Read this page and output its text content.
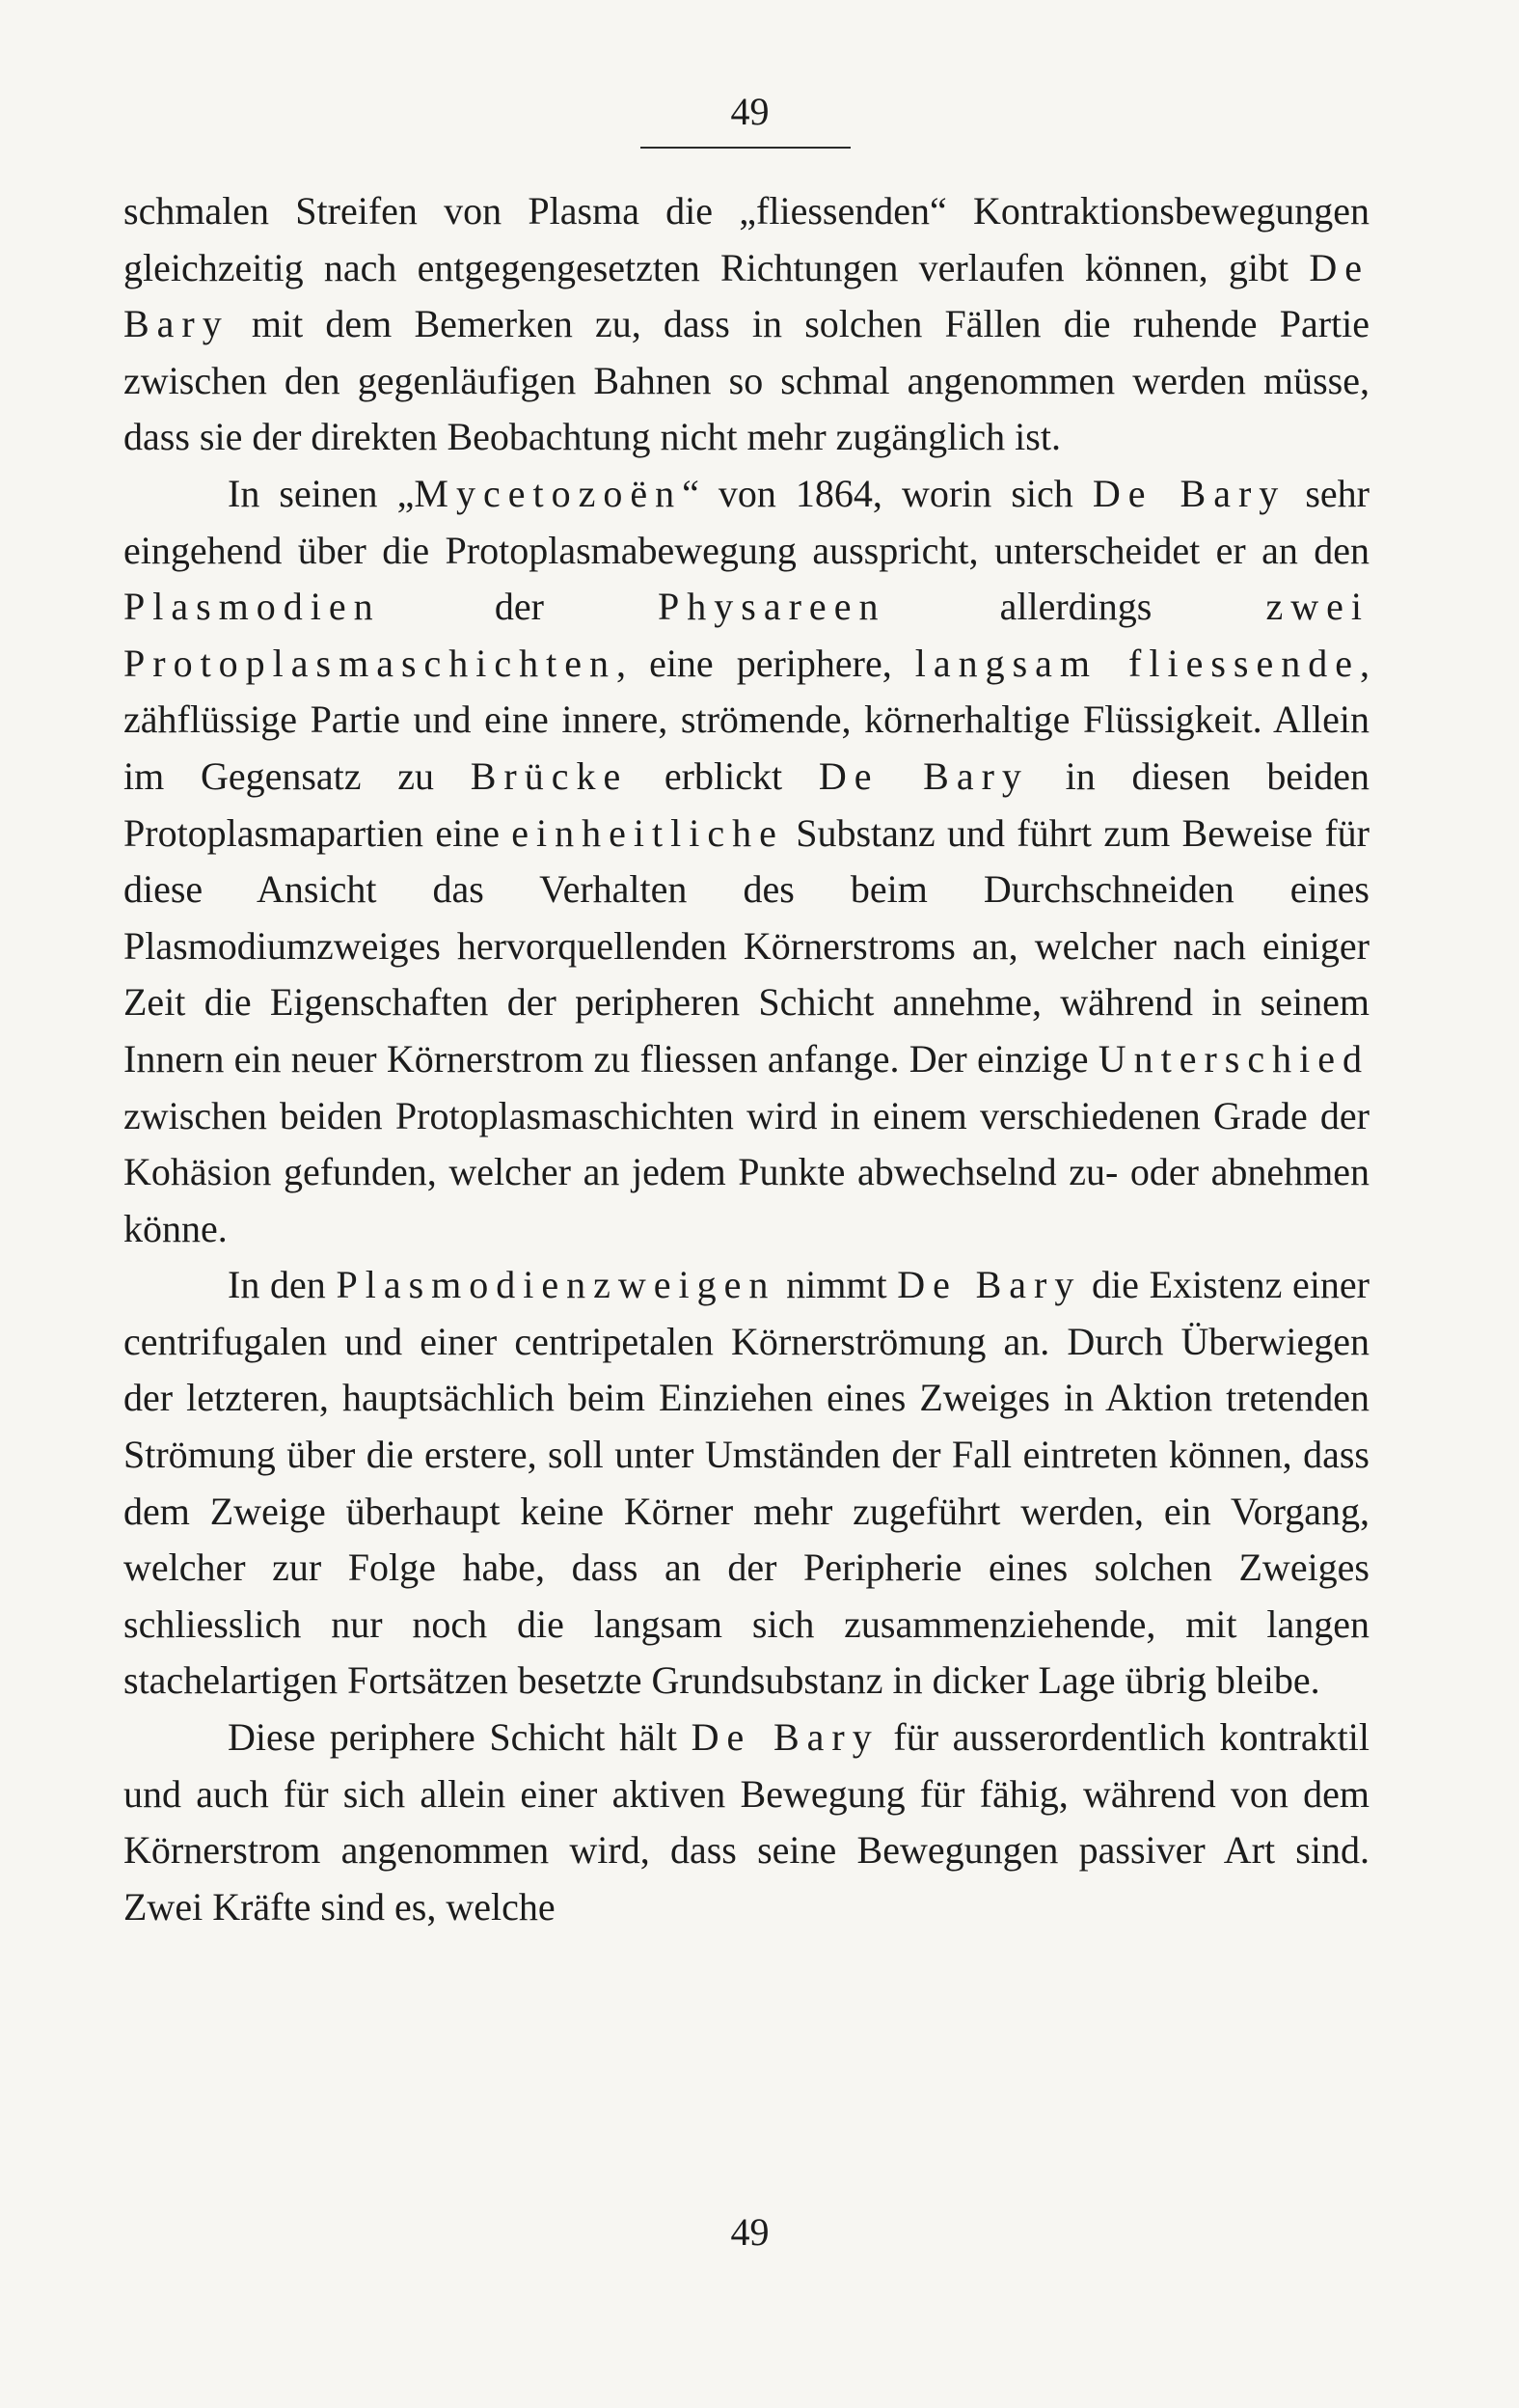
49

schmalen Streifen von Plasma die „fliessenden“ Kontraktionsbewegungen gleichzeitig nach entgegengesetzten Richtungen verlaufen können, gibt De Bary mit dem Bemerken zu, dass in solchen Fällen die ruhende Partie zwischen den gegenläufigen Bahnen so schmal angenommen werden müsse, dass sie der direkten Beobachtung nicht mehr zugänglich ist.

In seinen „Mycetozoën“ von 1864, worin sich De Bary sehr eingehend über die Protoplasmabewegung ausspricht, unterscheidet er an den Plasmodien der Physareen allerdings zwei Protoplasmaschichten, eine peripherе, langsam fliessende, zähflüssige Partie und eine innere, strömende, körnerhaltige Flüssigkeit. Allein im Gegensatz zu Brücke erblickt De Bary in diesen beiden Protoplasmapartien eine einheitliche Substanz und führt zum Beweise für diese Ansicht das Verhalten des beim Durchschneiden eines Plasmodiumzweiges hervorquellenden Körnerstroms an, welcher nach einiger Zeit die Eigenschaften der peripheren Schicht annehme, während in seinem Innern ein neuer Körnerstrom zu fliessen anfange. Der einzige Unterschied zwischen beiden Protoplasmaschichten wird in einem verschiedenen Grade der Kohäsion gefunden, welcher an jedem Punkte abwechselnd zu- oder abnehmen könne.

In den Plasmodienzweigen nimmt De Bary die Existenz einer centrifugalen und einer centripetalen Körnerströmung an. Durch Überwiegen der letzteren, hauptsächlich beim Einziehen eines Zweiges in Aktion tretenden Strömung über die erstere, soll unter Umständen der Fall eintreten können, dass dem Zweige überhaupt keine Körner mehr zugeführt werden, ein Vorgang, welcher zur Folge habe, dass an der Peripherie eines solchen Zweiges schliesslich nur noch die langsam sich zusammenziehende, mit langen stachelartigen Fortsätzen besetzte Grundsubstanz in dicker Lage übrig bleibe.

Diese periphere Schicht hält De Bary für ausserordentlich kontraktil und auch für sich allein einer aktiven Bewegung für fähig, während von dem Körnerstrom angenommen wird, dass seine Bewegungen passiver Art sind. Zwei Kräfte sind es, welche

49
